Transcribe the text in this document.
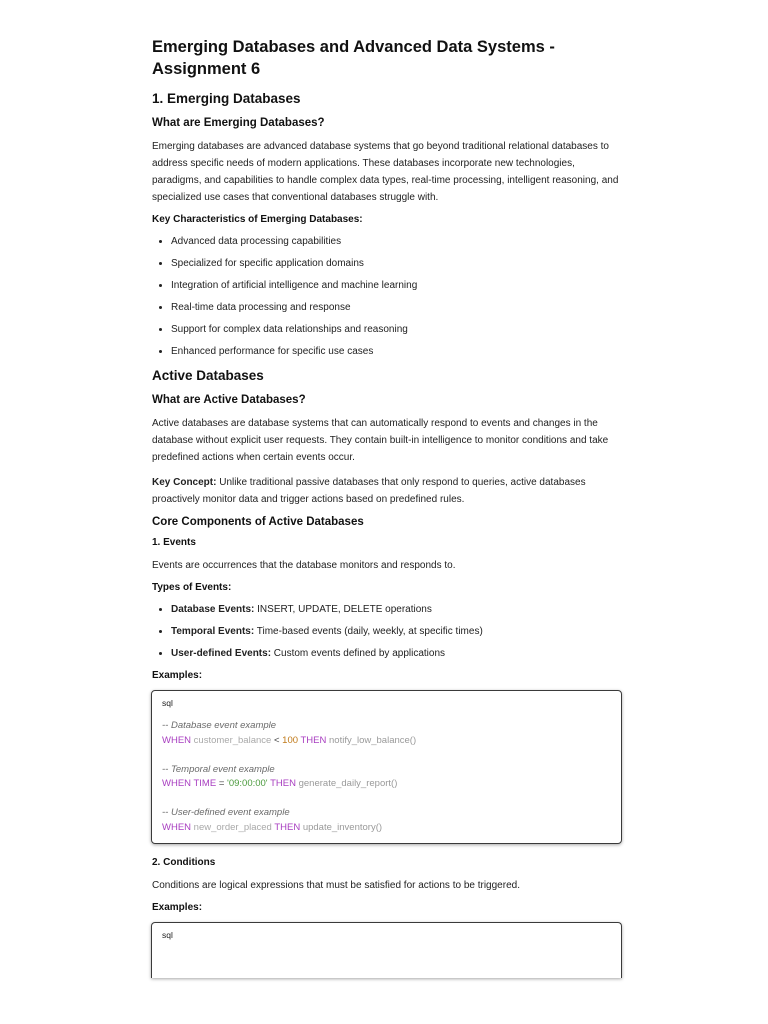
Emerging Databases and Advanced Data Systems - Assignment 6
1. Emerging Databases
What are Emerging Databases?

Emerging databases are advanced database systems that go beyond traditional relational databases to address specific needs of modern applications. These databases incorporate new technologies, paradigms, and capabilities to handle complex data types, real-time processing, intelligent reasoning, and specialized use cases that conventional databases struggle with.

Key Characteristics of Emerging Databases:
• Advanced data processing capabilities
• Specialized for specific application domains
• Integration of artificial intelligence and machine learning
• Real-time data processing and response
• Support for complex data relationships and reasoning
• Enhanced performance for specific use cases
Active Databases
What are Active Databases?

Active databases are database systems that can automatically respond to events and changes in the database without explicit user requests. They contain built-in intelligence to monitor conditions and take predefined actions when certain events occur.

Key Concept: Unlike traditional passive databases that only respond to queries, active databases proactively monitor data and trigger actions based on predefined rules.

Core Components of Active Databases
1. Events

Events are occurrences that the database monitors and responds to.

Types of Events:
• Database Events: INSERT, UPDATE, DELETE operations
• Temporal Events: Time-based events (daily, weekly, at specific times)
• User-defined Events: Custom events defined by applications
Examples:
sql
-- Database event example
WHEN customer_balance < 100 THEN notify_low_balance()
-- Temporal event example
WHEN TIME = '09:00:00' THEN generate_daily_report()
-- User-defined event example
WHEN new_order_placed THEN update_inventory()
2. Conditions

Conditions are logical expressions that must be satisfied for actions to be triggered.

Examples:
sql
